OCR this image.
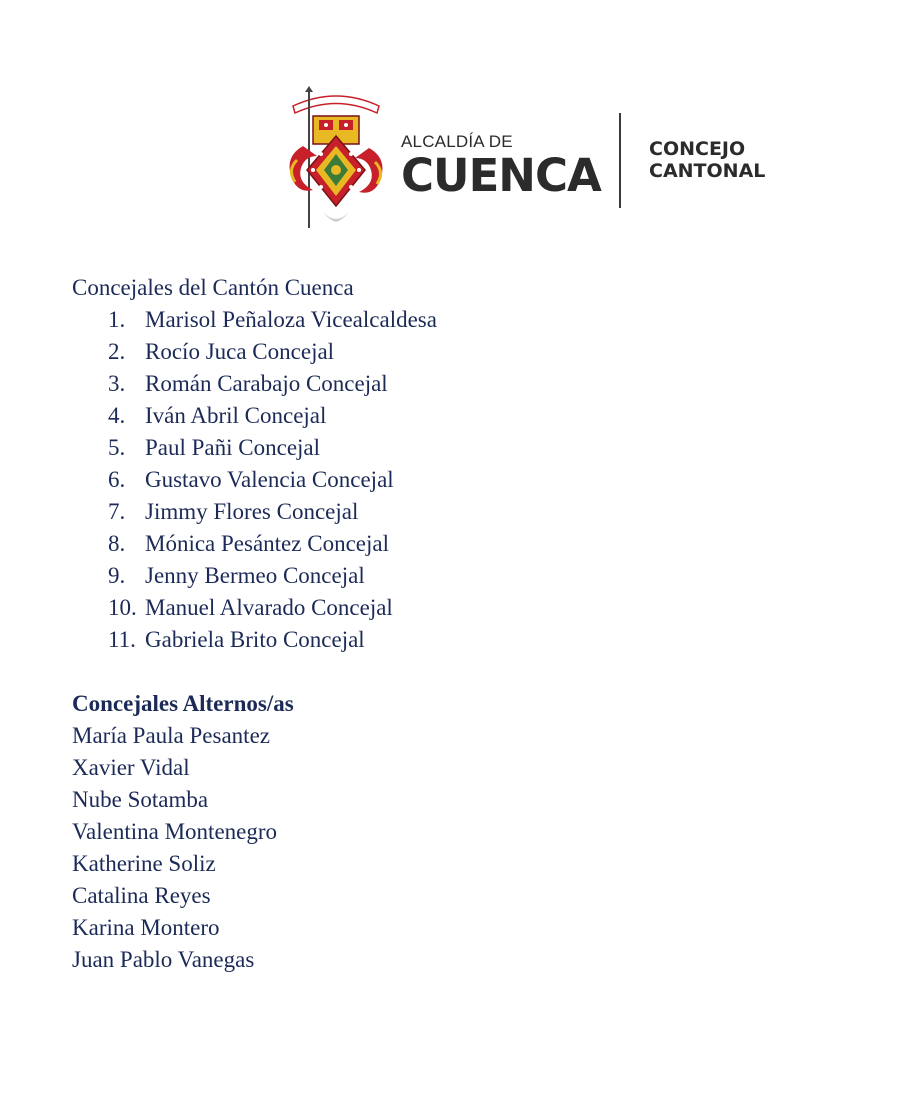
ALCALDÍA DE
CUENCA	CONCEJO
CANTONAL
Concejales del Cantón Cuenca
1. Marisol Peñaloza Vicealcaldesa
2. Rocío Juca Concejal
3. Román Carabajo Concejal
4. Iván Abril Concejal
5. Paul Pañi Concejal
6. Gustavo Valencia Concejal
7. Jimmy Flores Concejal
8. Mónica Pesántez Concejal
9. Jenny Bermeo Concejal
10. Manuel Alvarado Concejal
11. Gabriela Brito Concejal
Concejales Alternos/as
María Paula Pesantez
Xavier Vidal
Nube Sotamba
Valentina Montenegro
Katherine Soliz
Catalina Reyes
Karina Montero
Juan Pablo Vanegas
